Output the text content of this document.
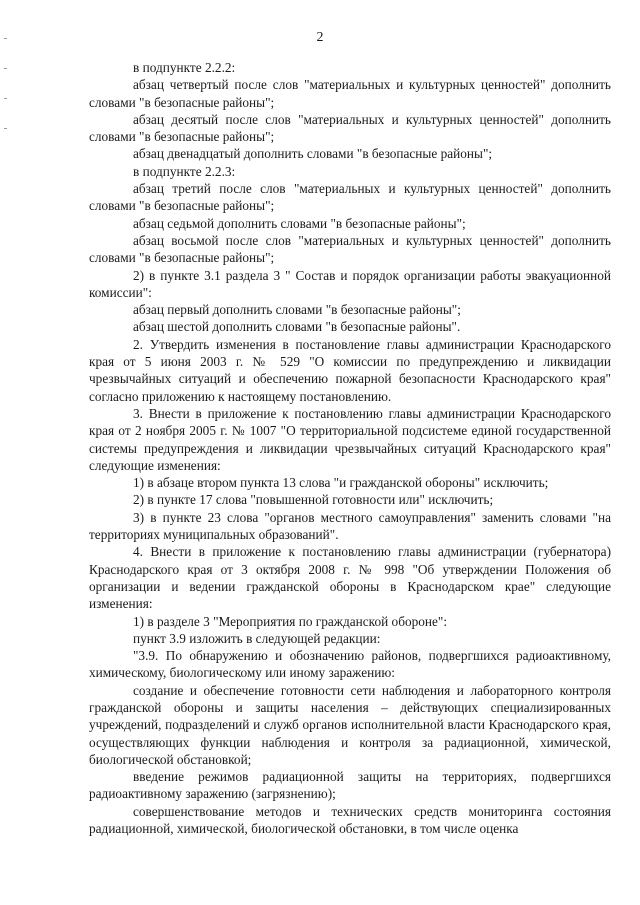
2

в подпункте 2.2.2:

абзац четвертый после слов "материальных и культурных ценностей" дополнить словами "в безопасные районы";

абзац десятый после слов "материальных и культурных ценностей" дополнить словами "в безопасные районы";

абзац двенадцатый дополнить словами "в безопасные районы";

в подпункте 2.2.3:

абзац третий после слов "материальных и культурных ценностей" дополнить словами "в безопасные районы";

абзац седьмой дополнить словами "в безопасные районы";

абзац восьмой после слов "материальных и культурных ценностей" дополнить словами "в безопасные районы";

2) в пункте 3.1 раздела 3 " Состав и порядок организации работы эвакуационной комиссии":

абзац первый дополнить словами "в безопасные районы";

абзац шестой дополнить словами "в безопасные районы".

2. Утвердить изменения в постановление главы администрации Краснодарского края от 5 июня 2003 г. № 529 "О комиссии по предупреждению и ликвидации чрезвычайных ситуаций и обеспечению пожарной безопасности Краснодарского края" согласно приложению к настоящему постановлению.

3. Внести в приложение к постановлению главы администрации Краснодарского края от 2 ноября 2005 г. № 1007 "О территориальной подсистеме единой государственной системы предупреждения и ликвидации чрезвычайных ситуаций Краснодарского края" следующие изменения:

1) в абзаце втором пункта 13 слова "и гражданской обороны" исключить;

2) в пункте 17 слова "повышенной готовности или" исключить;

3) в пункте 23 слова "органов местного самоуправления" заменить словами "на территориях муниципальных образований".

4. Внести в приложение к постановлению главы администрации (губернатора) Краснодарского края от 3 октября 2008 г. № 998 "Об утверждении Положения об организации и ведении гражданской обороны в Краснодарском крае" следующие изменения:

1) в разделе 3 "Мероприятия по гражданской обороне":

пункт 3.9 изложить в следующей редакции:

"3.9. По обнаружению и обозначению районов, подвергшихся радиоактивному, химическому, биологическому или иному заражению:

создание и обеспечение готовности сети наблюдения и лабораторного контроля гражданской обороны и защиты населения – действующих специализированных учреждений, подразделений и служб органов исполнительной власти Краснодарского края, осуществляющих функции наблюдения и контроля за радиационной, химической, биологической обстановкой;

введение режимов радиационной защиты на территориях, подвергшихся радиоактивному заражению (загрязнению);

совершенствование методов и технических средств мониторинга состояния радиационной, химической, биологической обстановки, в том числе оценка
